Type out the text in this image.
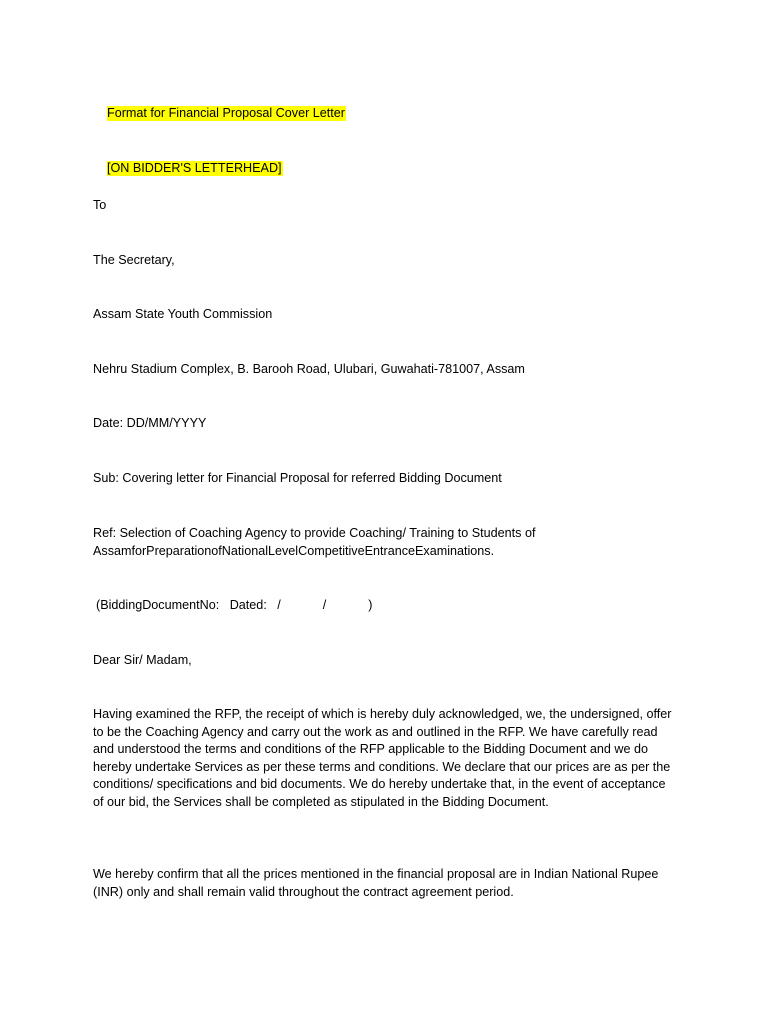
Format for Financial Proposal Cover Letter

[ON BIDDER'S LETTERHEAD]

To
The Secretary,
Assam State Youth Commission
Nehru Stadium Complex, B. Barooh Road, Ulubari, Guwahati-781007, Assam
Date: DD/MM/YYYY
Sub: Covering letter for Financial Proposal for referred Bidding Document
Ref: Selection of Coaching Agency to provide Coaching/ Training to Students of
AssamforPreparationofNationalLevelCompetitiveEntranceExaminations.
(BiddingDocumentNo:   Dated:   /            /            )
Dear Sir/ Madam,
Having examined the RFP, the receipt of which is hereby duly acknowledged, we, the undersigned, offer to be the Coaching Agency and carry out the work as and outlined in the RFP. We have carefully read and understood the terms and conditions of the RFP applicable to the Bidding Document and we do hereby undertake Services as per these terms and conditions. We declare that our prices are as per the conditions/ specifications and bid documents. We do hereby undertake that, in the event of acceptance of our bid, the Services shall be completed as stipulated in the Bidding Document.
We hereby confirm that all the prices mentioned in the financial proposal are in Indian National Rupee (INR) only and shall remain valid throughout the contract agreement period.
